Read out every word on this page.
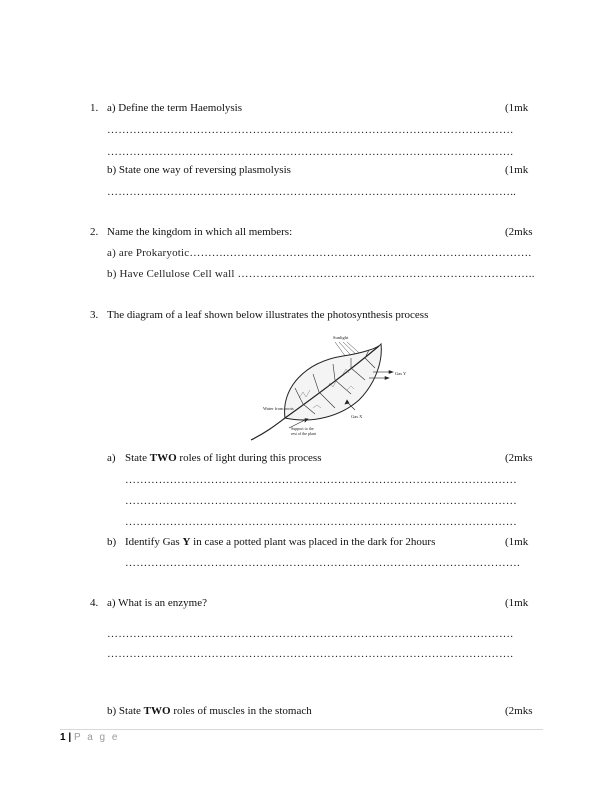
1. a) Define the term Haemolysis	(1mk
……………………………………………………………………………………………….
……………………………………………………………………………………………….
b) State one way of reversing plasmolysis	(1mk
………………………………………………………………………………………………..
2. Name the kingdom in which all members:	(2mks
a) are Prokaryotic……….……………………………………………………………………….
b) Have Cellulose Cell wall ……………………………………………………………………..
3. The diagram of a leaf shown below illustrates the photosynthesis process
Sunlight
Gas Y
Gas X
Water from roots
Support to the
rest of the plant
a) State TWO roles of light during this process	(2mks
……………………………………………………………………………………………
……………………………………………………………………………………………
……………………………………………………………………………………………
b) Identify Gas Y in case a potted plant was placed in the dark for 2hours	(1mk
…………………………………………………………………………………………….
4. a) What is an enzyme?	(1mk
……………………………………………………………………………………………….
……………………………………………………………………………………………….
b) State TWO roles of muscles in the stomach	(2mks
1 | P a g e
